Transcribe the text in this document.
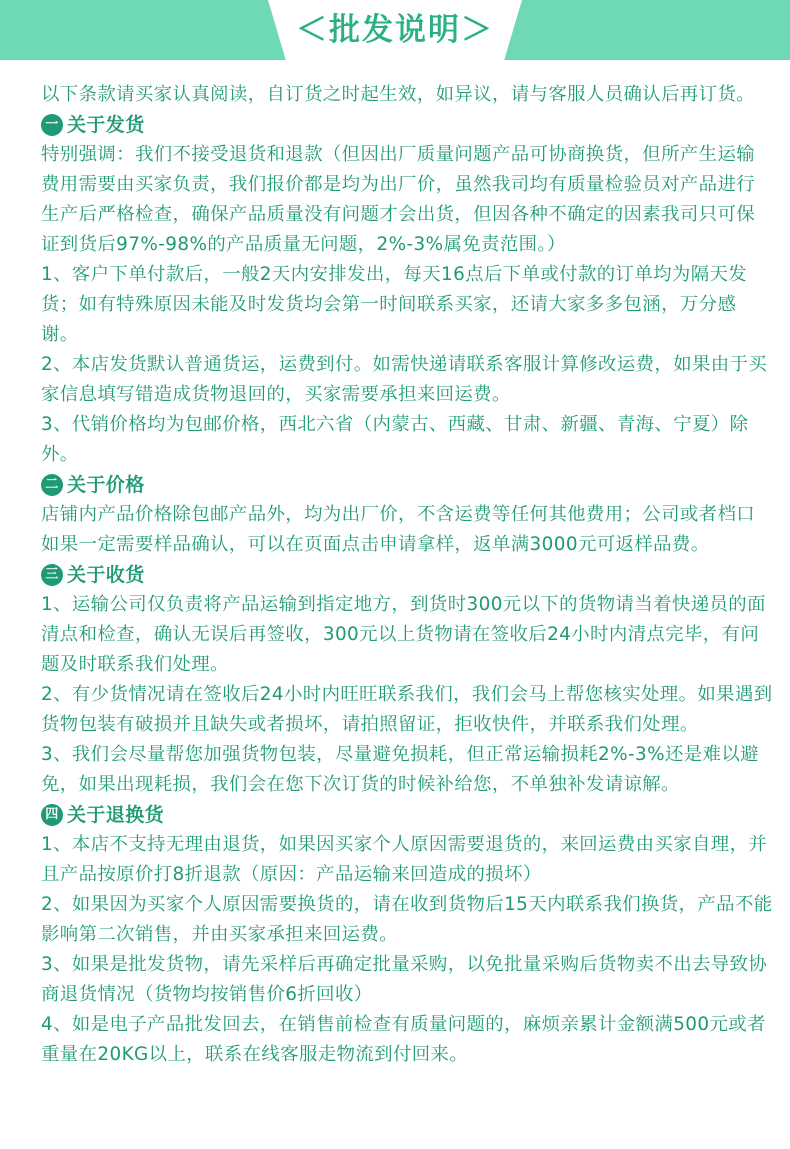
＜批发说明＞

以下条款请买家认真阅读，自订货之时起生效，如异议，请与客服人员确认后再订货。

一 关于发货

特别强调：我们不接受退货和退款（但因出厂质量问题产品可协商换货，但所产生运输费用需要由买家负责，我们报价都是均为出厂价，虽然我司均有质量检验员对产品进行生产后严格检查，确保产品质量没有问题才会出货，但因各种不确定的因素我司只可保证到货后97%-98%的产品质量无问题，2%-3%属免责范围。）

1、客户下单付款后，一般2天内安排发出，每天16点后下单或付款的订单均为隔天发货；如有特殊原因未能及时发货均会第一时间联系买家，还请大家多多包涵，万分感谢。

2、本店发货默认普通货运，运费到付。如需快递请联系客服计算修改运费，如果由于买家信息填写错造成货物退回的，买家需要承担来回运费。

3、代销价格均为包邮价格，西北六省（内蒙古、西藏、甘肃、新疆、青海、宁夏）除外。

二 关于价格

店铺内产品价格除包邮产品外，均为出厂价，不含运费等任何其他费用；公司或者档口如果一定需要样品确认，可以在页面点击申请拿样，返单满3000元可返样品费。

三 关于收货

1、运输公司仅负责将产品运输到指定地方，到货时300元以下的货物请当着快递员的面清点和检查，确认无误后再签收，300元以上货物请在签收后24小时内清点完毕，有问题及时联系我们处理。

2、有少货情况请在签收后24小时内旺旺联系我们，我们会马上帮您核实处理。如果遇到货物包装有破损并且缺失或者损坏，请拍照留证，拒收快件，并联系我们处理。

3、我们会尽量帮您加强货物包装，尽量避免损耗，但正常运输损耗2%-3%还是难以避免，如果出现耗损，我们会在您下次订货的时候补给您，不单独补发请谅解。

四 关于退换货

1、本店不支持无理由退货，如果因买家个人原因需要退货的，来回运费由买家自理，并且产品按原价打8折退款（原因：产品运输来回造成的损坏）

2、如果因为买家个人原因需要换货的，请在收到货物后15天内联系我们换货，产品不能影响第二次销售，并由买家承担来回运费。

3、如果是批发货物，请先采样后再确定批量采购，以免批量采购后货物卖不出去导致协商退货情况（货物均按销售价6折回收）

4、如是电子产品批发回去，在销售前检查有质量问题的，麻烦亲累计金额满500元或者重量在20KG以上，联系在线客服走物流到付回来。
